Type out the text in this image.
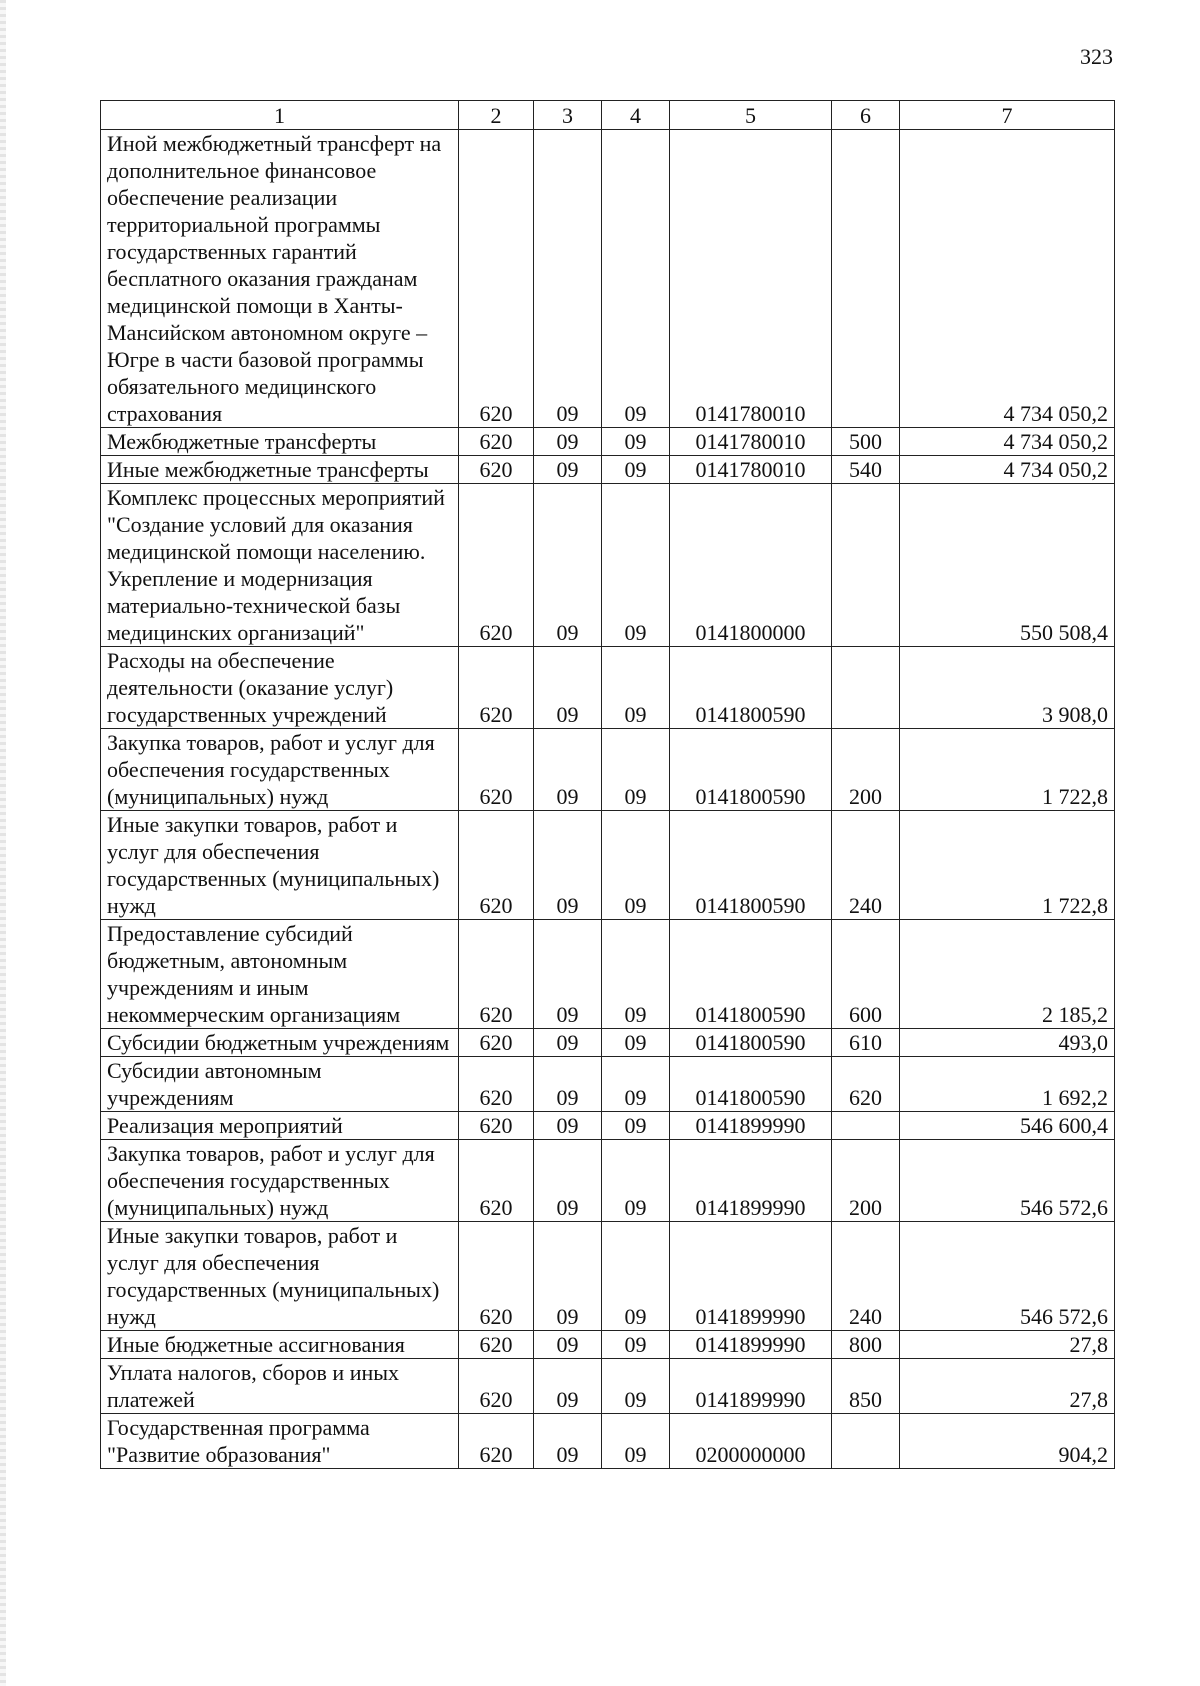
323
1	2	3	4	5	6	7
Иной межбюджетный трансферт на дополнительное финансовое обеспечение реализации территориальной программы государственных гарантий бесплатного оказания гражданам медицинской помощи в Ханты-Мансийском автономном округе – Югре в части базовой программы обязательного медицинского страхования	620	09	09	0141780010		4 734 050,2
Межбюджетные трансферты	620	09	09	0141780010	500	4 734 050,2
Иные межбюджетные трансферты	620	09	09	0141780010	540	4 734 050,2
Комплекс процессных мероприятий "Создание условий для оказания медицинской помощи населению. Укрепление и модернизация материально-технической базы медицинских организаций"	620	09	09	0141800000		550 508,4
Расходы на обеспечение деятельности (оказание услуг) государственных учреждений	620	09	09	0141800590		3 908,0
Закупка товаров, работ и услуг для обеспечения государственных (муниципальных) нужд	620	09	09	0141800590	200	1 722,8
Иные закупки товаров, работ и услуг для обеспечения государственных (муниципальных) нужд	620	09	09	0141800590	240	1 722,8
Предоставление субсидий бюджетным, автономным учреждениям и иным некоммерческим организациям	620	09	09	0141800590	600	2 185,2
Субсидии бюджетным учреждениям	620	09	09	0141800590	610	493,0
Субсидии автономным учреждениям	620	09	09	0141800590	620	1 692,2
Реализация мероприятий	620	09	09	0141899990		546 600,4
Закупка товаров, работ и услуг для обеспечения государственных (муниципальных) нужд	620	09	09	0141899990	200	546 572,6
Иные закупки товаров, работ и услуг для обеспечения государственных (муниципальных) нужд	620	09	09	0141899990	240	546 572,6
Иные бюджетные ассигнования	620	09	09	0141899990	800	27,8
Уплата налогов, сборов и иных платежей	620	09	09	0141899990	850	27,8
Государственная программа "Развитие образования"	620	09	09	0200000000		904,2
